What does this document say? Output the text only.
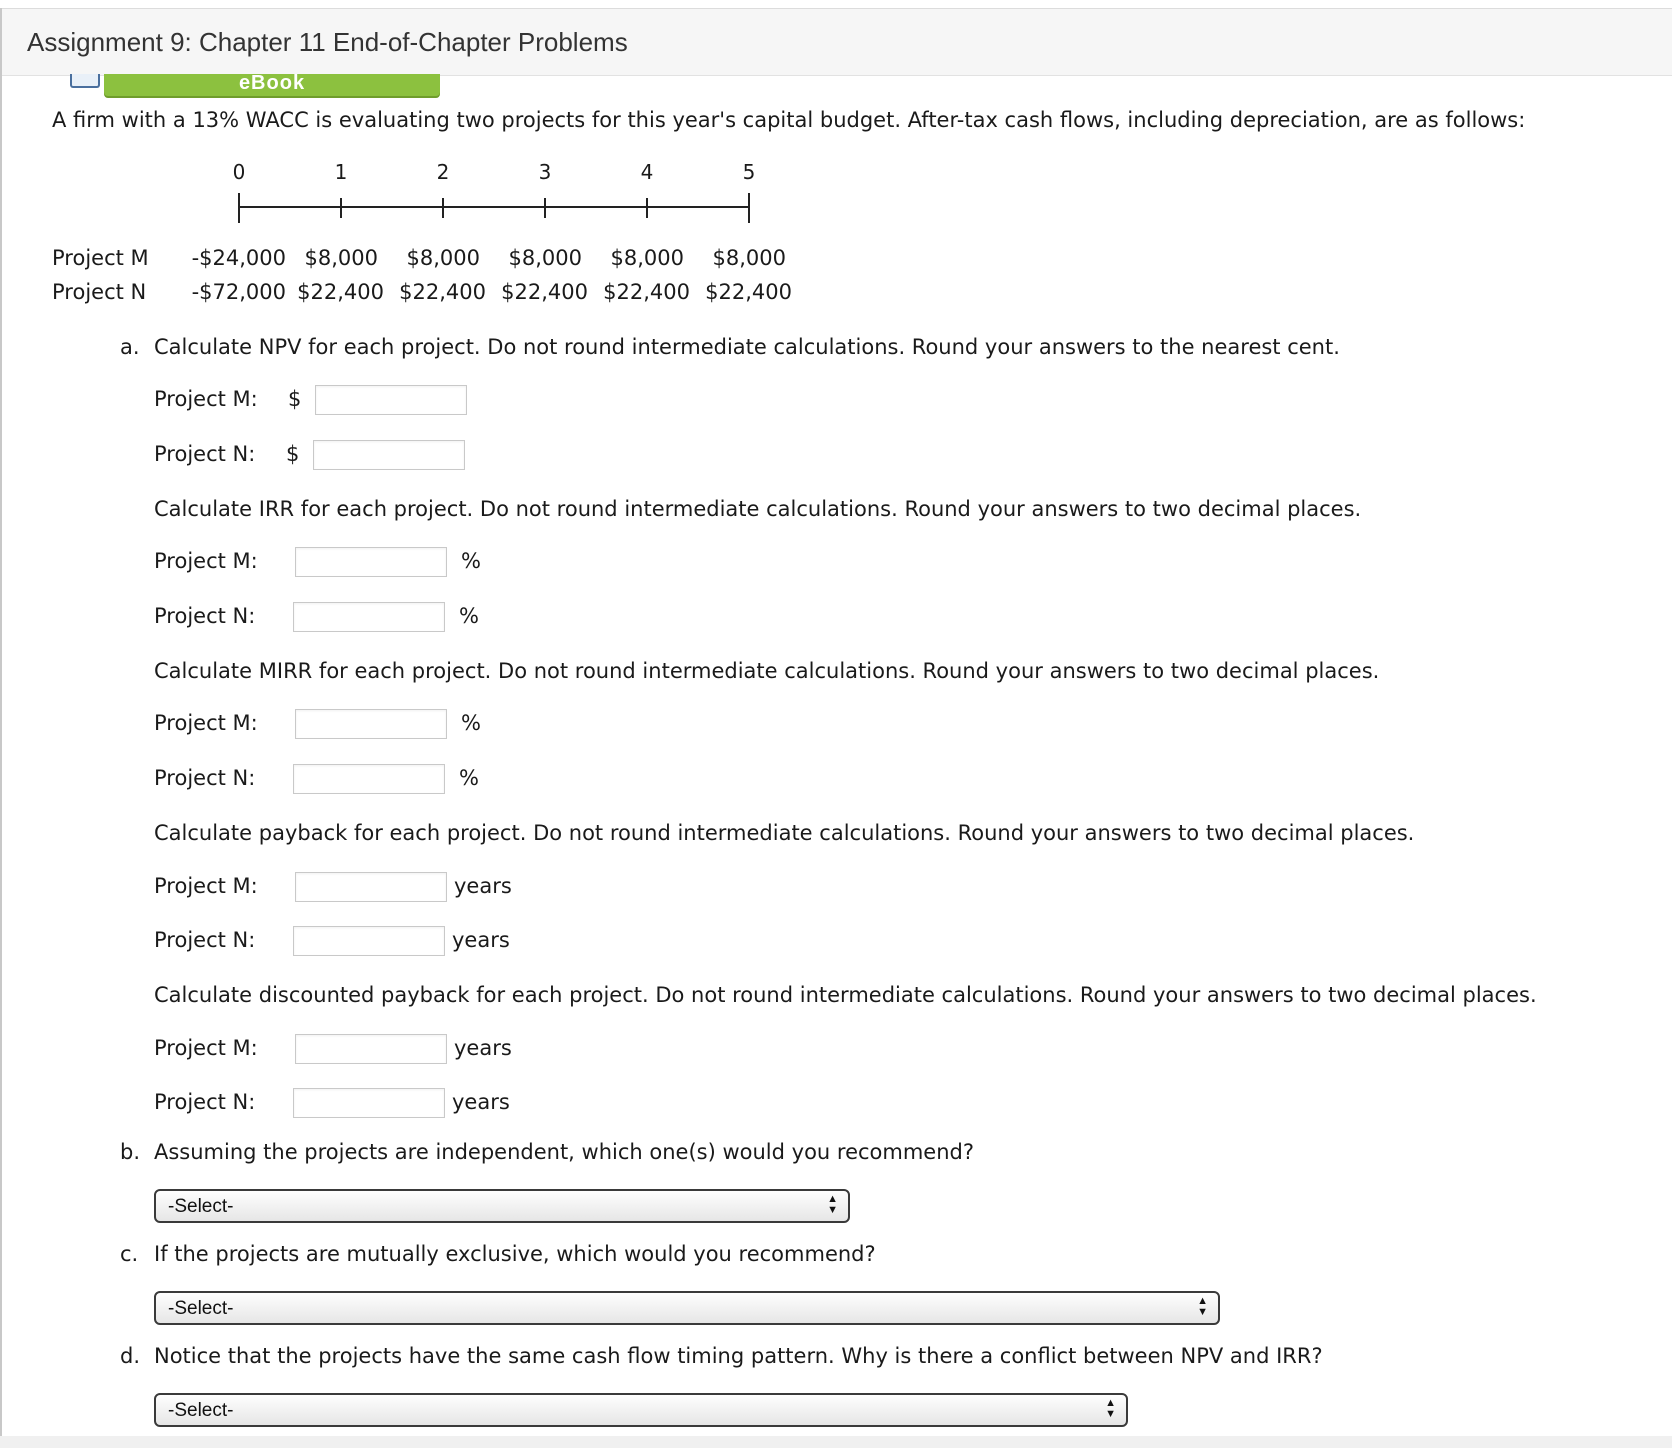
Assignment 9: Chapter 11 End-of-Chapter Problems
eBook
A firm with a 13% WACC is evaluating two projects for this year's capital budget. After-tax cash flows, including depreciation, are as follows:
0	1	2	3	4	5
Project M	-$24,000 $8,000	$8,000	$8,000	$8,000	$8,000
Project N	-$72,000 $22,400 $22,400 $22,400 $22,400 $22,400
a. Calculate NPV for each project. Do not round intermediate calculations. Round your answers to the nearest cent.
Project M: $
Project N: $
Calculate IRR for each project. Do not round intermediate calculations. Round your answers to two decimal places.
Project M:	%
Project N:	%
Calculate MIRR for each project. Do not round intermediate calculations. Round your answers to two decimal places.
Project M:	%
Project N:	%
Calculate payback for each project. Do not round intermediate calculations. Round your answers to two decimal places.
Project M:	years
Project N:	years
Calculate discounted payback for each project. Do not round intermediate calculations. Round your answers to two decimal places.
Project M:	years
Project N:	years
b. Assuming the projects are independent, which one(s) would you recommend?
-Select-	▲
▼
c. If the projects are mutually exclusive, which would you recommend?
-Select-	▲
▼
d. Notice that the projects have the same cash flow timing pattern. Why is there a conflict between NPV and IRR?
-Select-	▲
▼
